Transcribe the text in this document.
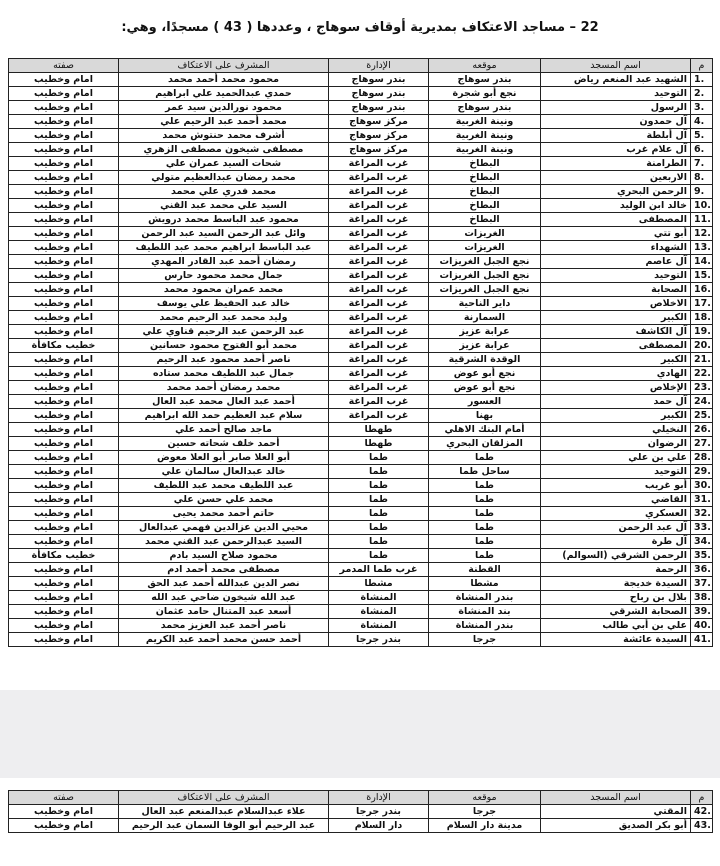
22 – مساجد الاعتكاف بمديرية أوقاف سوهاج ، وعددها ( 43 ) مسجدًا، وهي:
م	اسم المسجد	موقعه	الإدارة	المشرف على الاعتكاف	صفته
1.	الشهيد عبد المنعم رياض	بندر سوهاج	بندر سوهاج	محمود محمد أحمد محمد	امام وخطيب
2.	التوحيد	نجع أبو شجرة	بندر سوهاج	حمدي عبدالحميد علي ابراهيم	امام وخطيب
3.	الرسول	بندر سوهاج	بندر سوهاج	محمود نورالدين سيد عمر	امام وخطيب
4.	آل حمدون	ونينة الغربية	مركز سوهاج	محمد أحمد عبد الرحيم علي	امام وخطيب
5.	آل أبلطة	ونينة الغربية	مركز سوهاج	أشرف محمد حنتوش محمد	امام وخطيب
6.	آل علام غرب	ونينة الغربية	مركز سوهاج	مصطفى شيخون مصطفى الزهري	امام وخطيب
7.	الطرامنة	البطاخ	غرب المراغة	شحات السيد عمران علي	امام وخطيب
8.	الاربعين	البطاخ	غرب المراغة	محمد رمضان عبدالعظيم متولي	امام وخطيب
9.	الرحمن البحري	البطاخ	غرب المراغة	محمد فدري علي محمد	امام وخطيب
10.	خالد ابن الوليد	البطاخ	غرب المراغة	السيد علي محمد عبد القني	امام وخطيب
11.	المصطفى	البطاخ	غرب المراغة	محمود عبد الباسط محمد درويش	امام وخطيب
12.	أبو تتي	الغريزات	غرب المراغة	وائل عبد الرحمن السيد عبد الرحمن	امام وخطيب
13.	الشهداء	الغريزات	غرب المراغة	عبد الباسط ابراهيم محمد عبد اللطيف	امام وخطيب
14.	آل عاصم	نجع الجبل الغريزات	غرب المراغة	رمضان أحمد عبد القادر المهدي	امام وخطيب
15.	التوحيد	نجع الجبل الغريزات	غرب المراغة	جمال محمد محمود حارس	امام وخطيب
16.	الصحابة	نجع الجبل الغريزات	غرب المراغة	محمد عمران محمود محمد	امام وخطيب
17.	الاخلاص	داير الناحية	غرب المراغة	خالد عبد الحفيظ علي يوسف	امام وخطيب
18.	الكبير	السمارنة	غرب المراغة	وليد محمد عبد الرحيم محمد	امام وخطيب
19.	آل الكاشف	عرابة عزيز	غرب المراغة	عبد الرحمن عبد الرحيم قناوي علي	امام وخطيب
20.	المصطفى	عرابة عزيز	غرب المراغة	محمد أبو الفتوح محمود حسانين	خطيب مكافأة
21.	الكبير	الوقدة الشرقية	غرب المراغة	ناصر أحمد محمود عبد الرحيم	امام وخطيب
22.	الهادي	نجع أبو عوض	غرب المراغة	جمال عبد اللطيف محمد ستاده	امام وخطيب
23.	الإخلاص	نجع أبو عوض	غرب المراغة	محمد رمضان أحمد محمد	امام وخطيب
24.	آل حمد	العسور	غرب المراغة	أحمد عبد العال محمد عبد العال	امام وخطيب
25.	الكبير	بهنا	غرب المراغة	سلام عبد العظيم حمد الله ابراهيم	امام وخطيب
26.	النخيلي	أمام البنك الاهلي	طهطا	ماجد صالح أحمد علي	امام وخطيب
27.	الرضوان	المزلقان البحري	طهطا	أحمد خلف شحاته حسين	امام وخطيب
28.	علي بن علي	طما	طما	أبو العلا صابر أبو العلا معوض	امام وخطيب
29.	التوحيد	ساحل طما	طما	خالد عبدالعال سالمان علي	امام وخطيب
30.	أبو غريب	طما	طما	عبد اللطيف محمد عبد اللطيف	امام وخطيب
31.	القاضي	طما	طما	محمد علي حسن علي	امام وخطيب
32.	العسكري	طما	طما	حاتم أحمد محمد يحيى	امام وخطيب
33.	آل عبد الرحمن	طما	طما	محيي الدين عزالدين فهمي عبدالعال	امام وخطيب
34.	آل طرة	طما	طما	السيد عبدالرحمن عبد القني محمد	امام وخطيب
35.	الرحمن الشرقي (السوالم)	طما	طما	محمود صلاح السيد بادم	خطيب مكافأة
36.	الرحمة	القطنة	غرب طما المدمر	مصطفى محمد أحمد ادم	امام وخطيب
37.	السيدة خديجة	مشطا	مشطا	نصر الدين عبدالله أحمد عبد الحق	امام وخطيب
38.	بلال بن رباح	بندر المنشاة	المنشاة	عبد الله شيخون ضاحي عبد الله	امام وخطيب
39.	الصحابة الشرقي	بند المنشاة	المنشاة	أسعد عبد المتنال حامد عثمان	امام وخطيب
40.	علي بن أبي طالب	بندر المنشاة	المنشاة	ناصر أحمد عبد العزيز محمد	امام وخطيب
41.	السيدة عائشة	جرجا	بندر جرجا	أحمد حسن محمد أحمد عبد الكريم	امام وخطيب
م	اسم المسجد	موقعه	الإدارة	المشرف على الاعتكاف	صفته
42.	المقتي	جرجا	بندر جرجا	علاء عبدالسلام عبدالمنعم عبد العال	امام وخطيب
43.	أبو بكر الصديق	مدينة دار السلام	دار السلام	عبد الرحيم أبو الوفا السمان عبد الرحيم	امام وخطيب
